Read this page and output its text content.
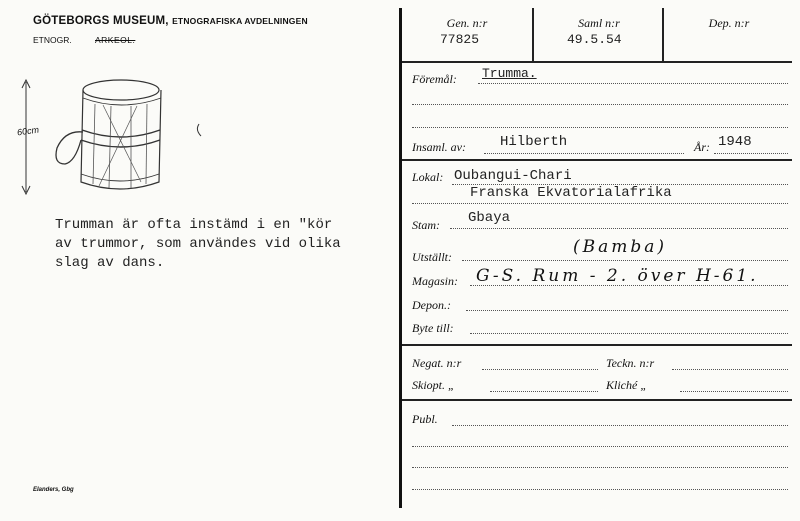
GÖTEBORGS MUSEUM, ETNOGRAFISKA AVDELNINGEN
ETNOGR.	ARKEOL.
60cm
Trumman är ofta instämd i en "kör
av trummor, som användes vid olika
slag av dans.
Elanders, Gbg
Gen. n:r
77825
Saml n:r
49.5.54
Dep. n:r
Föremål: Trumma.
Insaml. av: Hilberth	År: 1948
Lokal: Oubangui-Chari
Franska Ekvatorialafrika
Stam: Gbaya
Utställt:	(Bamba)
Magasin: G-S. Rum - 2. över H-61.
Depon.:
Byte till:
Negat. n:r	Teckn. n:r
Skiopt. „	Kliché „
Publ.
